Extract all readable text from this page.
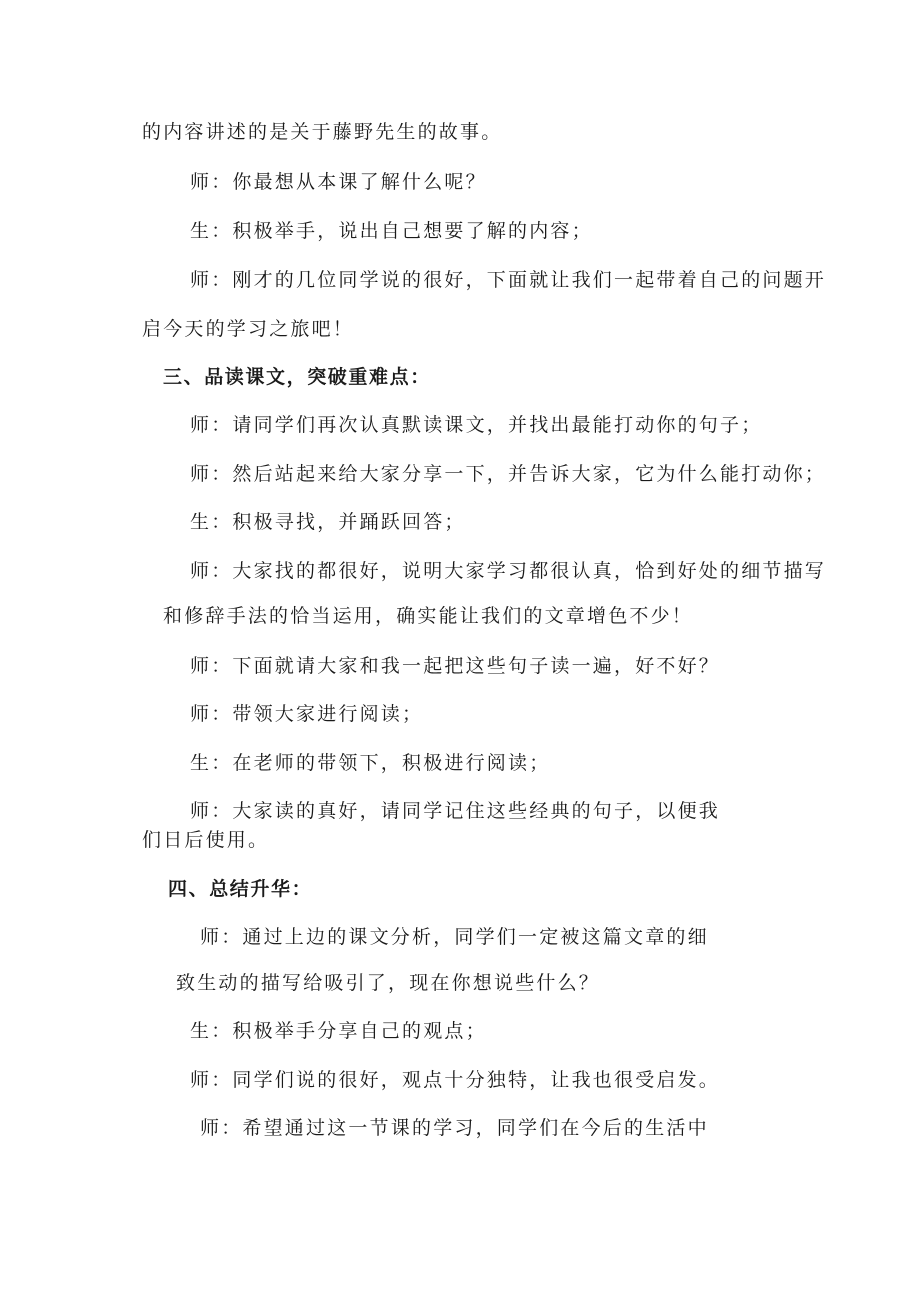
的内容讲述的是关于藤野先生的故事。
师：你最想从本课了解什么呢？
生：积极举手，说出自己想要了解的内容；
师：刚才的几位同学说的很好，下面就让我们一起带着自己的问题开
启今天的学习之旅吧！
三、品读课文，突破重难点：
师：请同学们再次认真默读课文，并找出最能打动你的句子；
师：然后站起来给大家分享一下，并告诉大家，它为什么能打动你；
生：积极寻找，并踊跃回答；
师：大家找的都很好，说明大家学习都很认真，恰到好处的细节描写
和修辞手法的恰当运用，确实能让我们的文章增色不少！
师：下面就请大家和我一起把这些句子读一遍，好不好？
师：带领大家进行阅读；
生：在老师的带领下，积极进行阅读；
师：大家读的真好，请同学记住这些经典的句子，以便我
们日后使用。
四、总结升华：
师：通过上边的课文分析，同学们一定被这篇文章的细
致生动的描写给吸引了，现在你想说些什么？
生：积极举手分享自己的观点；
师：同学们说的很好，观点十分独特，让我也很受启发。
师：希望通过这一节课的学习，同学们在今后的生活中
